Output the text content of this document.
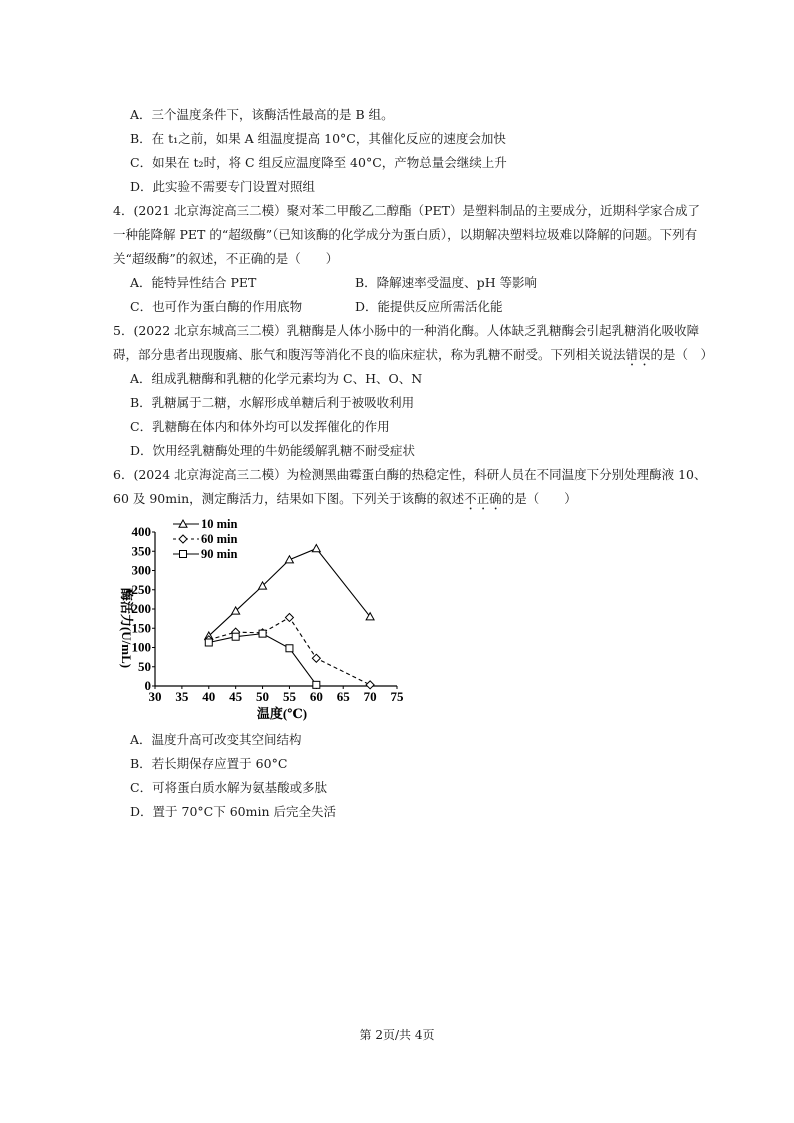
A．三个温度条件下，该酶活性最高的是 B 组。
B．在 t₁之前，如果 A 组温度提高 10°C，其催化反应的速度会加快
C．如果在 t₂时，将 C 组反应温度降至 40°C，产物总量会继续上升
D．此实验不需要专门设置对照组
4．(2021 北京海淀高三二模）聚对苯二甲酸乙二醇酯（PET）是塑料制品的主要成分，近期科学家合成了
一种能降解 PET 的“超级酶”（已知该酶的化学成分为蛋白质），以期解决塑料垃圾难以降解的问题。下列有
关“超级酶”的叙述，不正确的是（　　）
A．能特异性结合 PET	B．降解速率受温度、pH 等影响
C．也可作为蛋白酶的作用底物	D．能提供反应所需活化能
5．(2022 北京东城高三二模）乳糖酶是人体小肠中的一种消化酶。人体缺乏乳糖酶会引起乳糖消化吸收障
碍，部分患者出现腹痛、胀气和腹泻等消化不良的临床症状，称为乳糖不耐受。下列相关说法错误的是（　）
A．组成乳糖酶和乳糖的化学元素均为 C、H、O、N
B．乳糖属于二糖，水解形成单糖后利于被吸收利用
C．乳糖酶在体内和体外均可以发挥催化的作用
D．饮用经乳糖酶处理的牛奶能缓解乳糖不耐受症状
6．(2024 北京海淀高三二模）为检测黑曲霉蛋白酶的热稳定性，科研人员在不同温度下分别处理酶液 10、
60 及 90min，测定酶活力，结果如下图。下列关于该酶的叙述不正确的是（　　）
30 35 40 45 50 55 60 65 70 75
0
50
100
150
200
250
300
350
400	10 min
60 min
90 min
温度(℃)
酶活力(U/mL)
A．温度升高可改变其空间结构
B．若长期保存应置于 60°C
C．可将蛋白质水解为氨基酸或多肽
D．置于 70°C下 60min 后完全失活
第 2页/共 4页
